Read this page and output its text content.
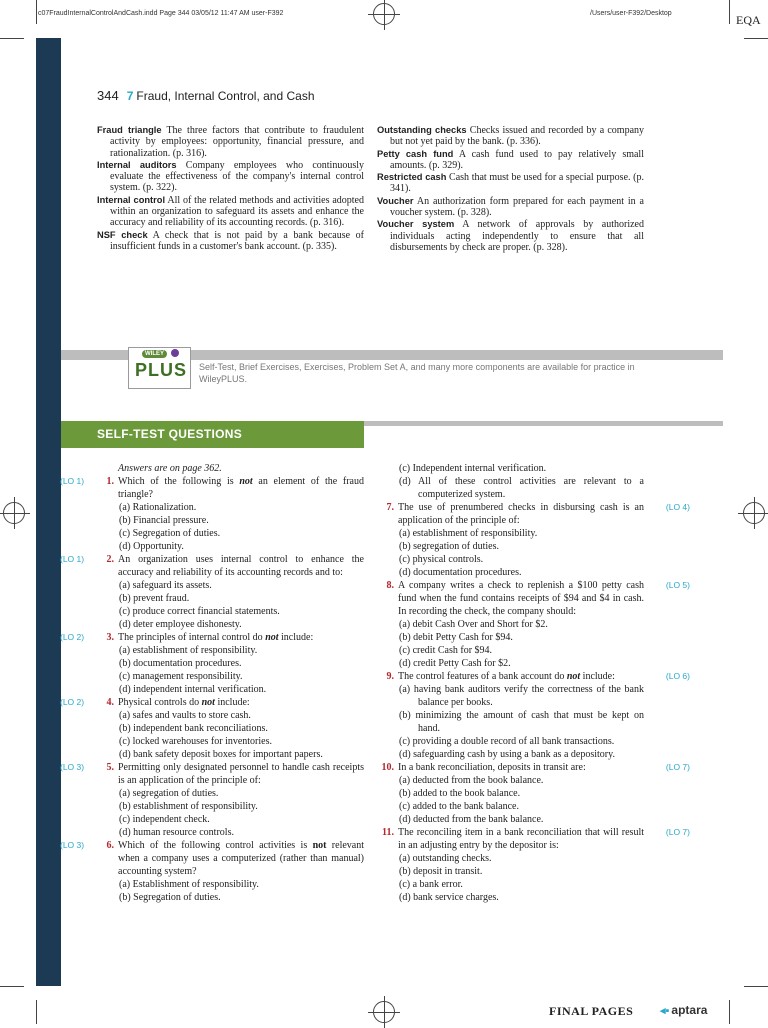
c07FraudInternalControlAndCash.indd Page 344 03/05/12 11:47 AM user-F392	/Users/user-F392/Desktop	EQA
344 7 Fraud, Internal Control, and Cash
Fraud triangle The three factors that contribute to fraudulent activity by employees: opportunity, financial pressure, and rationalization. (p. 316).
Internal auditors Company employees who continuously evaluate the effectiveness of the company's internal control system. (p. 322).
Internal control All of the related methods and activities adopted within an organization to safeguard its assets and enhance the accuracy and reliability of its accounting records. (p. 316).
NSF check A check that is not paid by a bank because of insufficient funds in a customer's bank account. (p. 335).
Outstanding checks Checks issued and recorded by a company but not yet paid by the bank. (p. 336).
Petty cash fund A cash fund used to pay relatively small amounts. (p. 329).
Restricted cash Cash that must be used for a special purpose. (p. 341).
Voucher An authorization form prepared for each payment in a voucher system. (p. 328).
Voucher system A network of approvals by authorized individuals acting independently to ensure that all disbursements by check are proper. (p. 328).
WILEY
PLUS Self-Test, Brief Exercises, Exercises, Problem Set A, and many more components are available for practice in WileyPLUS.
SELF-TEST QUESTIONS
Answers are on page 362.
1.
(LO 1)	Which of the following is not an element of the fraud triangle?
(a) Rationalization.
(b) Financial pressure.
(c) Segregation of duties.
(d) Opportunity.
2.
(LO 1)	An organization uses internal control to enhance the accuracy and reliability of its accounting records and to:
(a) safeguard its assets.
(b) prevent fraud.
(c) produce correct financial statements.
(d) deter employee dishonesty.
3.
(LO 2)	The principles of internal control do not include:
(a) establishment of responsibility.
(b) documentation procedures.
(c) management responsibility.
(d) independent internal verification.
4.
(LO 2)	Physical controls do not include:
(a) safes and vaults to store cash.
(b) independent bank reconciliations.
(c) locked warehouses for inventories.
(d) bank safety deposit boxes for important papers.
5.
(LO 3)	Permitting only designated personnel to handle cash receipts is an application of the principle of:
(a) segregation of duties.
(b) establishment of responsibility.
(c) independent check.
(d) human resource controls.
6.
(LO 3)	Which of the following control activities is not relevant when a company uses a computerized (rather than manual) accounting system?
(a) Establishment of responsibility.
(b) Segregation of duties.
(c) Independent internal verification.
(d) All of these control activities are relevant to a computerized system.
7.	(LO 4)
The use of prenumbered checks in disbursing cash is an application of the principle of:
(a) establishment of responsibility.
(b) segregation of duties.
(c) physical controls.
(d) documentation procedures.
8.	(LO 5)
A company writes a check to replenish a $100 petty cash fund when the fund contains receipts of $94 and $4 in cash. In recording the check, the company should:
(a) debit Cash Over and Short for $2.
(b) debit Petty Cash for $94.
(c) credit Cash for $94.
(d) credit Petty Cash for $2.
9.	(LO 6)
The control features of a bank account do not include:
(a) having bank auditors verify the correctness of the bank balance per books.
(b) minimizing the amount of cash that must be kept on hand.
(c) providing a double record of all bank transactions.
(d) safeguarding cash by using a bank as a depository.
10.	(LO 7)
In a bank reconciliation, deposits in transit are:
(a) deducted from the book balance.
(b) added to the book balance.
(c) added to the bank balance.
(d) deducted from the bank balance.
11.	(LO 7)
The reconciling item in a bank reconciliation that will result in an adjusting entry by the depositor is:
(a) outstanding checks.
(b) deposit in transit.
(c) a bank error.
(d) bank service charges.
FINAL PAGES ◂▪ aptara
